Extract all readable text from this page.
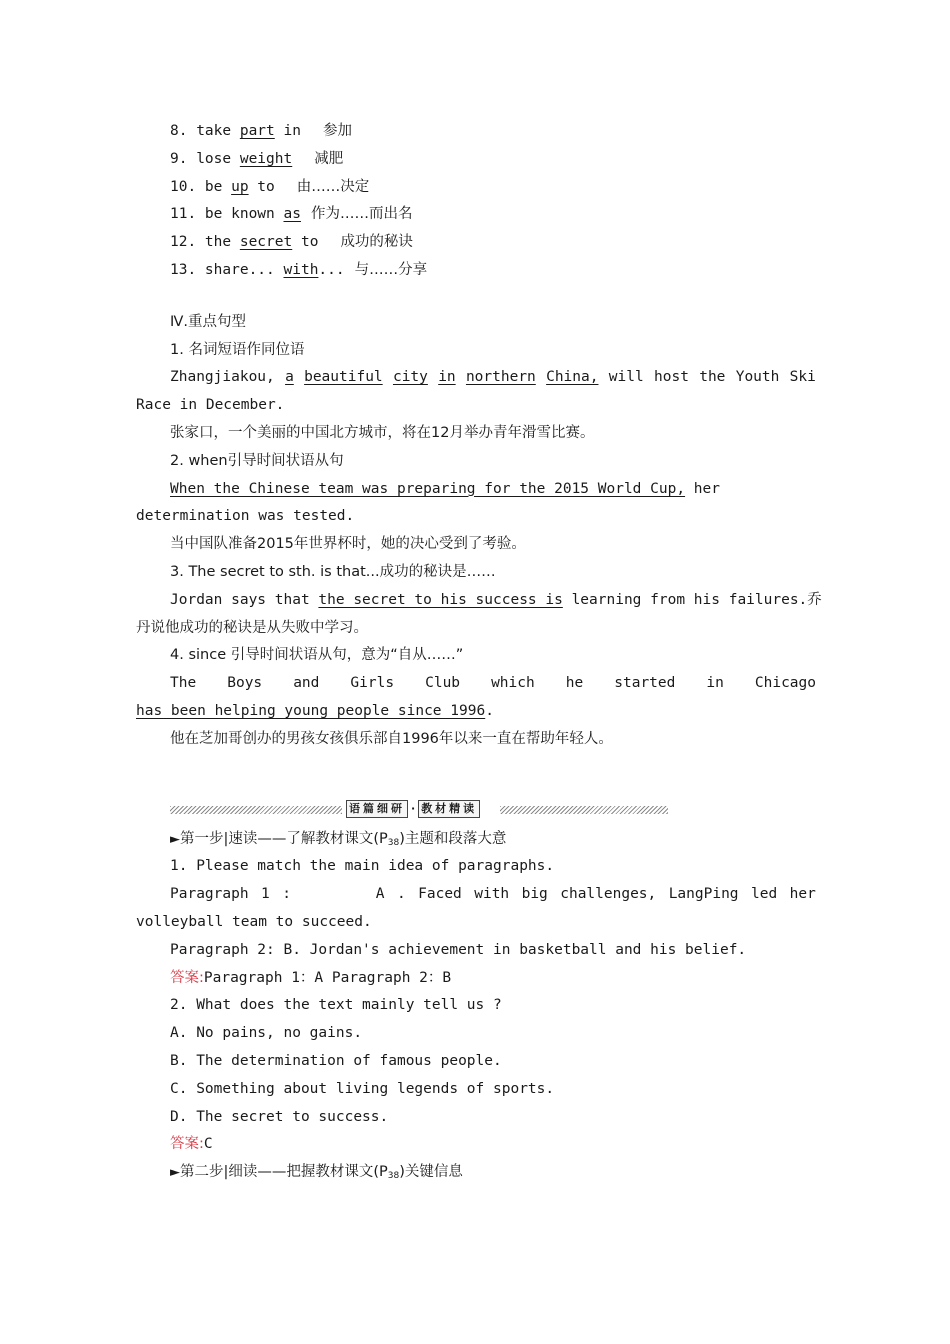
8. take part in 参加
9. lose weight 减肥
10. be up to 由……决定
11. be known as 作为……而出名
12. the secret to 成功的秘诀
13. share... with... 与……分享
Ⅳ.重点句型
1. 名词短语作同位语
Zhangjiakou, a beautiful city in northern China, will host the Youth Ski
Race in December.
张家口，一个美丽的中国北方城市，将在12月举办青年滑雪比赛。
2. when引导时间状语从句
When the Chinese team was preparing for the 2015 World Cup, her
determination was tested.
当中国队准备2015年世界杯时，她的决心受到了考验。
3. The secret to sth. is that...成功的秘诀是……
Jordan says that the secret to his success is learning from his failures. 乔
丹说他成功的秘诀是从失败中学习。
4. since 引导时间状语从句，意为“自从……”
The Boys and Girls Club which he started in Chicago
has been helping young people since 1996.
他在芝加哥创办的男孩女孩俱乐部自1996年以来一直在帮助年轻人。
语篇细研 · 教材精读
►第一步|速读——了解教材课文$(P_{38})$主题和段落大意
1. Please match the main idea of paragraphs.
Paragraph 1 :	A . Faced with big challenges, LangPing led her
volleyball team to succeed.
Paragraph 2: B. Jordan's achievement in basketball and his belief.
答案:Paragraph 1：A Paragraph 2：B
2. What does the text mainly tell us ?
A. No pains, no gains.
B. The determination of famous people.
C. Something about living legends of sports.
D. The secret to success.
答案:C
►第二步|细读——把握教材课文$(P_{38})$关键信息
